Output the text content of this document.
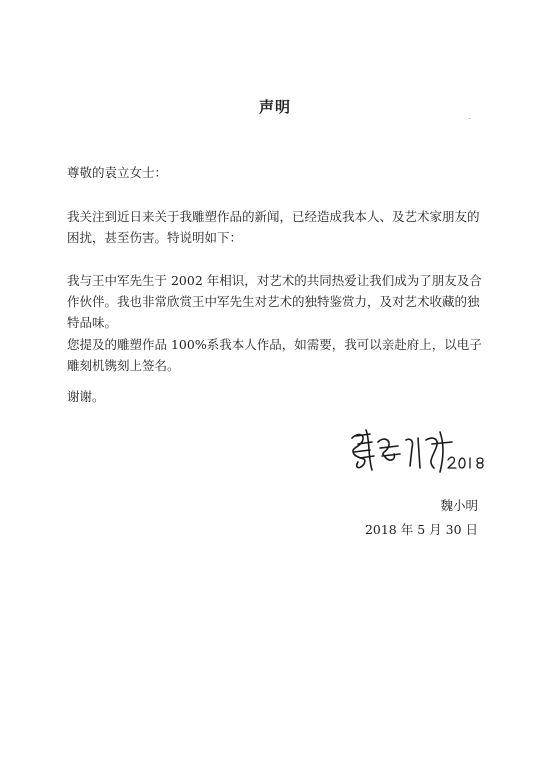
声明
尊敬的袁立女士：
我关注到近日来关于我雕塑作品的新闻，已经造成我本人、及艺术家朋友的困扰，甚至伤害。特说明如下：
我与王中军先生于 2002 年相识，对艺术的共同热爱让我们成为了朋友及合作伙伴。我也非常欣赏王中军先生对艺术的独特鉴赏力，及对艺术收藏的独特品味。
您提及的雕塑作品 100%系我本人作品，如需要，我可以亲赴府上，以电子雕刻机镌刻上签名。
谢谢。
魏小明
2018 年 5 月 30 日
